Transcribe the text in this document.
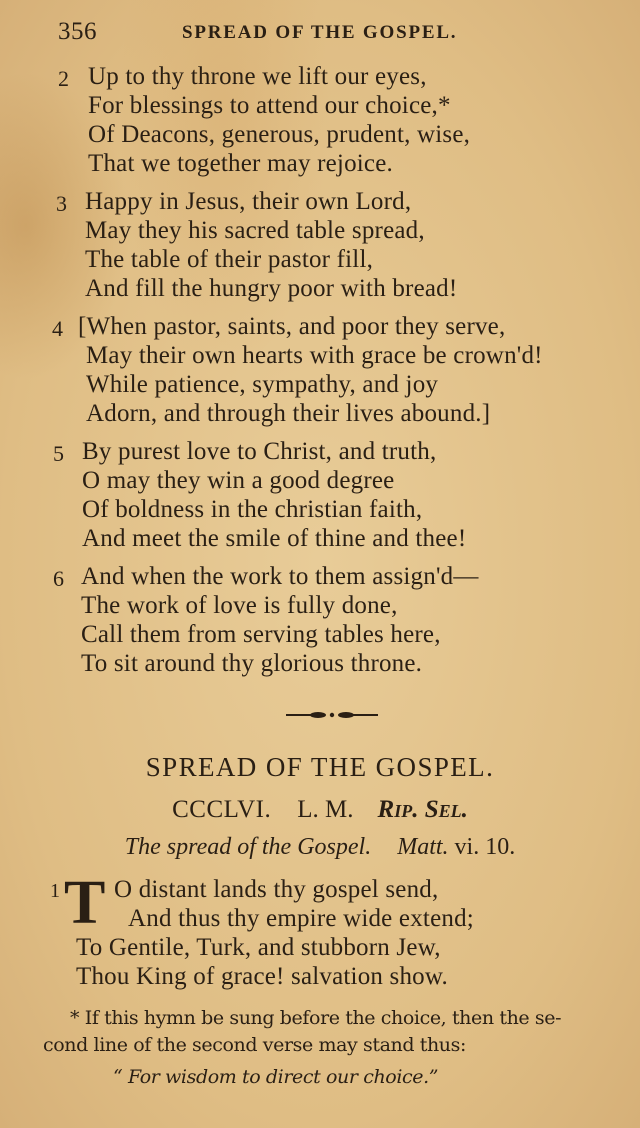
356	SPREAD OF THE GOSPEL.
2 Up to thy throne we lift our eyes,
For blessings to attend our choice,*
Of Deacons, generous, prudent, wise,
That we together may rejoice.
3 Happy in Jesus, their own Lord,
May they his sacred table spread,
The table of their pastor fill,
And fill the hungry poor with bread!
4 [When pastor, saints, and poor they serve,
May their own hearts with grace be crown'd!
While patience, sympathy, and joy
Adorn, and through their lives abound.]
5 By purest love to Christ, and truth,
O may they win a good degree
Of boldness in the christian faith,
And meet the smile of thine and thee!
6 And when the work to them assign'd—
The work of love is fully done,
Call them from serving tables here,
To sit around thy glorious throne.
SPREAD OF THE GOSPEL.
CCCLVI. L. M. Rip. Sel.
The spread of the Gospel. Matt. vi. 10.
1 T O distant lands thy gospel send,
And thus thy empire wide extend;
To Gentile, Turk, and stubborn Jew,
Thou King of grace! salvation show.
* If this hymn be sung before the choice, then the se-
cond line of the second verse may stand thus:
“ For wisdom to direct our choice.”
